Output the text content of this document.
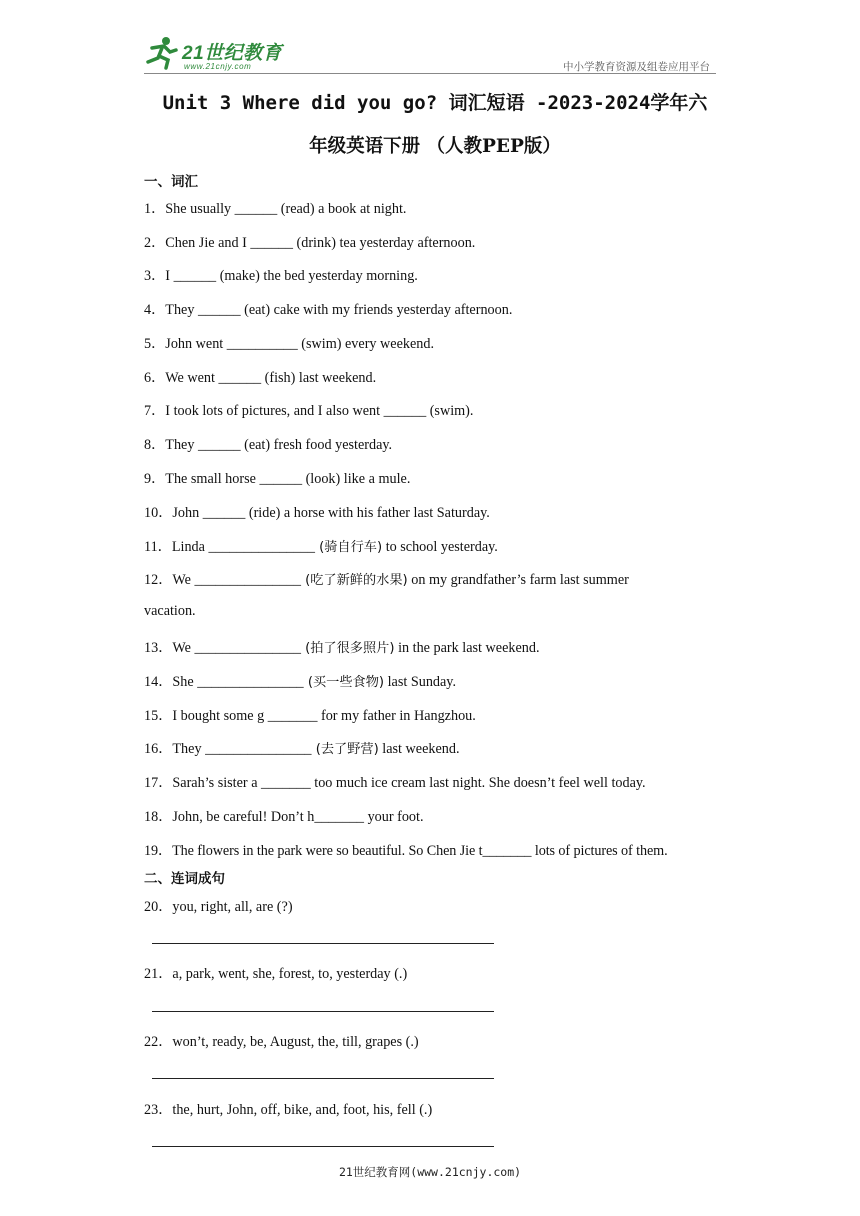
21世纪教育
www.21cnjy.com	中小学教育资源及组卷应用平台
Unit 3 Where did you go? 词汇短语 -2023-2024学年六
年级英语下册 （人教PEP版）
一、词汇
1．She usually ______ (read) a book at night.
2．Chen Jie and I ______ (drink) tea yesterday afternoon.
3．I ______ (make) the bed yesterday morning.
4．They ______ (eat) cake with my friends yesterday afternoon.
5．John went __________ (swim) every weekend.
6．We went ______ (fish) last weekend.
7．I took lots of pictures, and I also went ______ (swim).
8．They ______ (eat) fresh food yesterday.
9．The small horse ______ (look) like a mule.
10．John ______ (ride) a horse with his father last Saturday.
11．Linda _______________ (骑自行车) to school yesterday.
12．We _______________ (吃了新鲜的水果) on my grandfather’s farm last summer
vacation.
13．We _______________ (拍了很多照片) in the park last weekend.
14．She _______________ (买一些食物) last Sunday.
15．I bought some g _______ for my father in Hangzhou.
16．They _______________ (去了野营) last weekend.
17．Sarah’s sister a _______ too much ice cream last night. She doesn’t feel well today.
18．John, be careful! Don’t h_______ your foot.
19．The flowers in the park were so beautiful. So Chen Jie t_______ lots of pictures of them.
二、连词成句
20．you, right, all, are (?)
21．a, park, went, she, forest, to, yesterday (.)
22．won’t, ready, be, August, the, till, grapes (.)
23．the, hurt, John, off, bike, and, foot, his, fell (.)
21世纪教育网(www.21cnjy.com)
